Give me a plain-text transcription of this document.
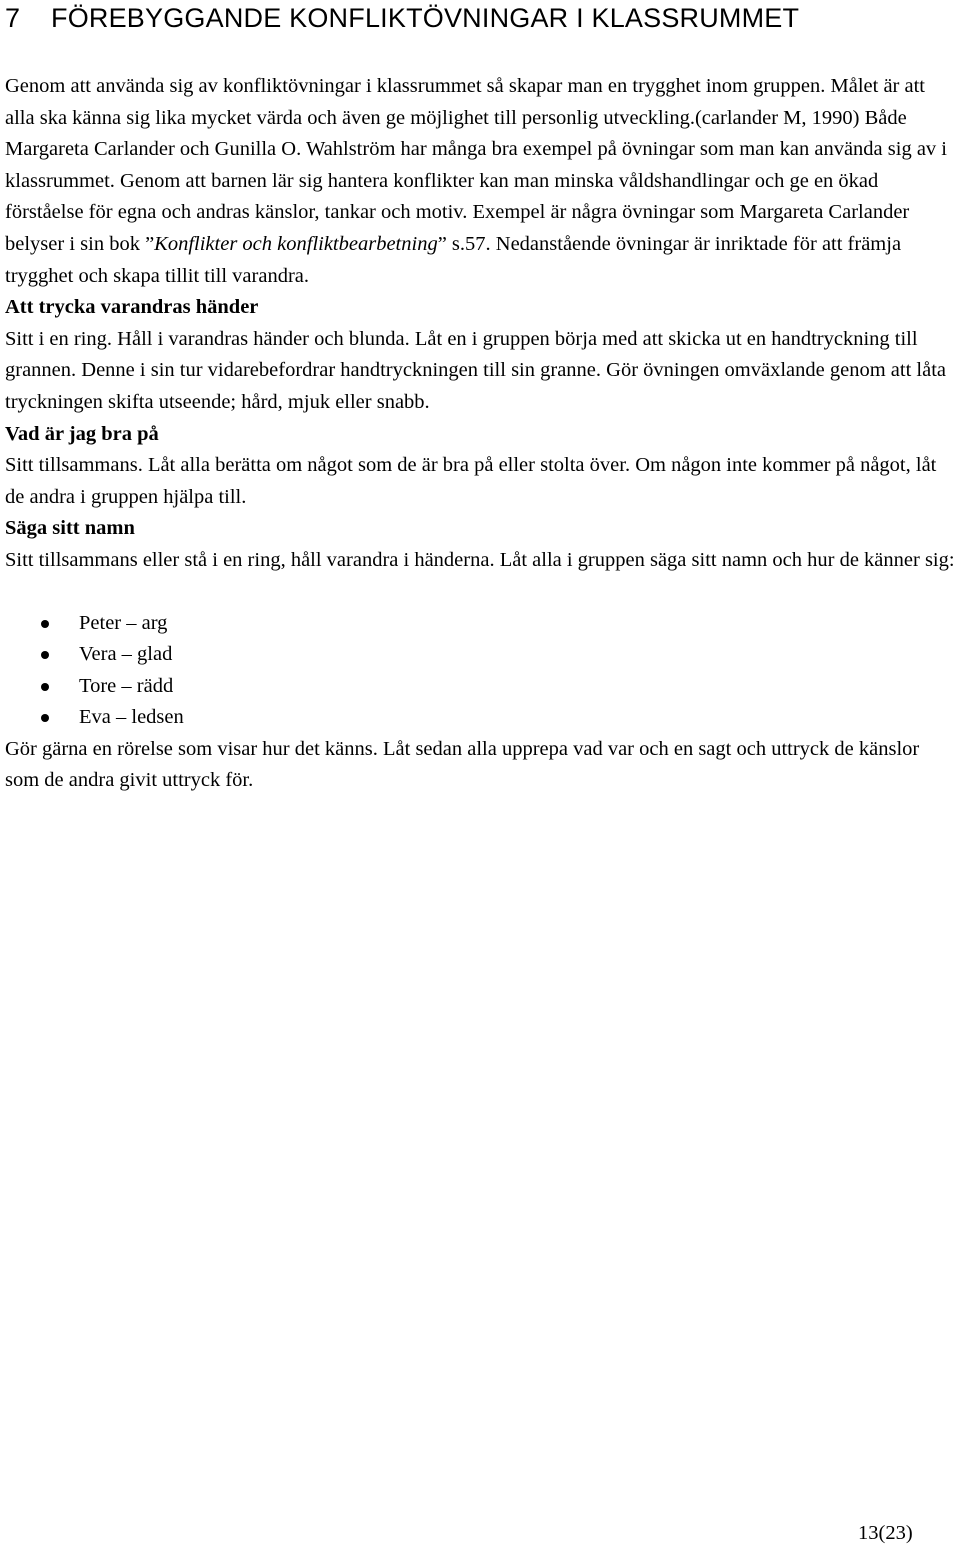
7 FÖREBYGGANDE KONFLIKTÖVNINGAR I KLASSRUMMET

Genom att använda sig av konfliktövningar i klassrummet så skapar man en trygghet inom gruppen. Målet är att alla ska känna sig lika mycket värda och även ge möjlighet till personlig utveckling.(carlander M, 1990) Både Margareta Carlander och Gunilla O. Wahlström har många bra exempel på övningar som man kan använda sig av i klassrummet. Genom att barnen lär sig hantera konflikter kan man minska våldshandlingar och ge en ökad förståelse för egna och andras känslor, tankar och motiv. Exempel är några övningar som Margareta Carlander belyser i sin bok ”Konflikter och konfliktbearbetning” s.57. Nedanstående övningar är inriktade för att främja trygghet och skapa tillit till varandra.

Att trycka varandras händer

Sitt i en ring. Håll i varandras händer och blunda. Låt en i gruppen börja med att skicka ut en handtryckning till grannen. Denne i sin tur vidarebefordrar handtryckningen till sin granne. Gör övningen omväxlande genom att låta tryckningen skifta utseende; hård, mjuk eller snabb.

Vad är jag bra på

Sitt tillsammans. Låt alla berätta om något som de är bra på eller stolta över. Om någon inte kommer på något, låt de andra i gruppen hjälpa till.

Säga sitt namn

Sitt tillsammans eller stå i en ring, håll varandra i händerna. Låt alla i gruppen säga sitt namn och hur de känner sig:

Peter – arg
Vera – glad
Tore – rädd
Eva – ledsen

Gör gärna en rörelse som visar hur det känns. Låt sedan alla upprepa vad var och en sagt och uttryck de känslor som de andra givit uttryck för.

13(23)
